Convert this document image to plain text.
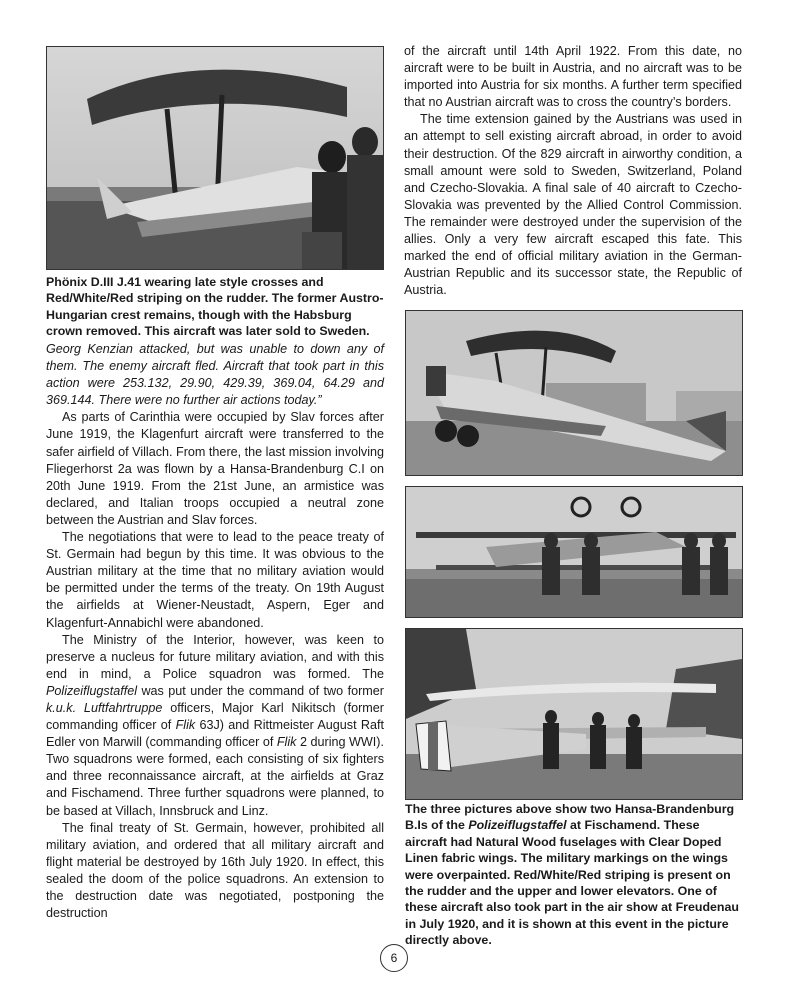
Phönix D.III J.41 wearing late style crosses and Red/White/Red striping on the rudder. The former Austro-Hungarian crest remains, though with the Habsburg crown removed. This aircraft was later sold to Sweden.

Georg Kenzian attacked, but was unable to down any of them. The enemy aircraft fled. Aircraft that took part in this action were 253.132, 29.90, 429.39, 369.04, 64.29 and 369.144. There were no further air actions today.”

As parts of Carinthia were occupied by Slav forces after June 1919, the Klagenfurt aircraft were transferred to the safer airfield of Villach. From there, the last mission involving Fliegerhorst 2a was flown by a Hansa-Brandenburg C.I on 20th June 1919. From the 21st June, an armistice was declared, and Italian troops occupied a neutral zone between the Austrian and Slav forces.

The negotiations that were to lead to the peace treaty of St. Germain had begun by this time. It was obvious to the Austrian military at the time that no military aviation would be permitted under the terms of the treaty. On 19th August the airfields at Wiener-Neustadt, Aspern, Eger and Klagenfurt-Annabichl were abandoned.

The Ministry of the Interior, however, was keen to preserve a nucleus for future military aviation, and with this end in mind, a Police squadron was formed. The Polizeiflugstaffel was put under the command of two former k.u.k. Luftfahrtruppe officers, Major Karl Nikitsch (former commanding officer of Flik 63J) and Rittmeister August Raft Edler von Marwill (commanding officer of Flik 2 during WWI). Two squadrons were formed, each consisting of six fighters and three reconnaissance aircraft, at the airfields at Graz and Fischamend. Three further squadrons were planned, to be based at Villach, Innsbruck and Linz.

The final treaty of St. Germain, however, prohibited all military aviation, and ordered that all military aircraft and flight material be destroyed by 16th July 1920. In effect, this sealed the doom of the police squadrons. An extension to the destruction date was negotiated, postponing the destruction

of the aircraft until 14th April 1922. From this date, no aircraft were to be built in Austria, and no aircraft was to be imported into Austria for six months. A further term specified that no Austrian aircraft was to cross the country’s borders.

The time extension gained by the Austrians was used in an attempt to sell existing aircraft abroad, in order to avoid their destruction. Of the 829 aircraft in airworthy condition, a small amount were sold to Sweden, Switzerland, Poland and Czecho-Slovakia. A final sale of 40 aircraft to Czecho-Slovakia was prevented by the Allied Control Commission. The remainder were destroyed under the supervision of the allies. Only a very few aircraft escaped this fate. This marked the end of official military aviation in the German-Austrian Republic and its successor state, the Republic of Austria.

The three pictures above show two Hansa-Brandenburg B.Is of the Polizeiflugstaffel at Fischamend. These aircraft had Natural Wood fuselages with Clear Doped Linen fabric wings. The military markings on the wings were overpainted. Red/White/Red striping is present on the rudder and the upper and lower elevators. One of these aircraft also took part in the air show at Freudenau in July 1920, and it is shown at this event in the picture directly above.

6
